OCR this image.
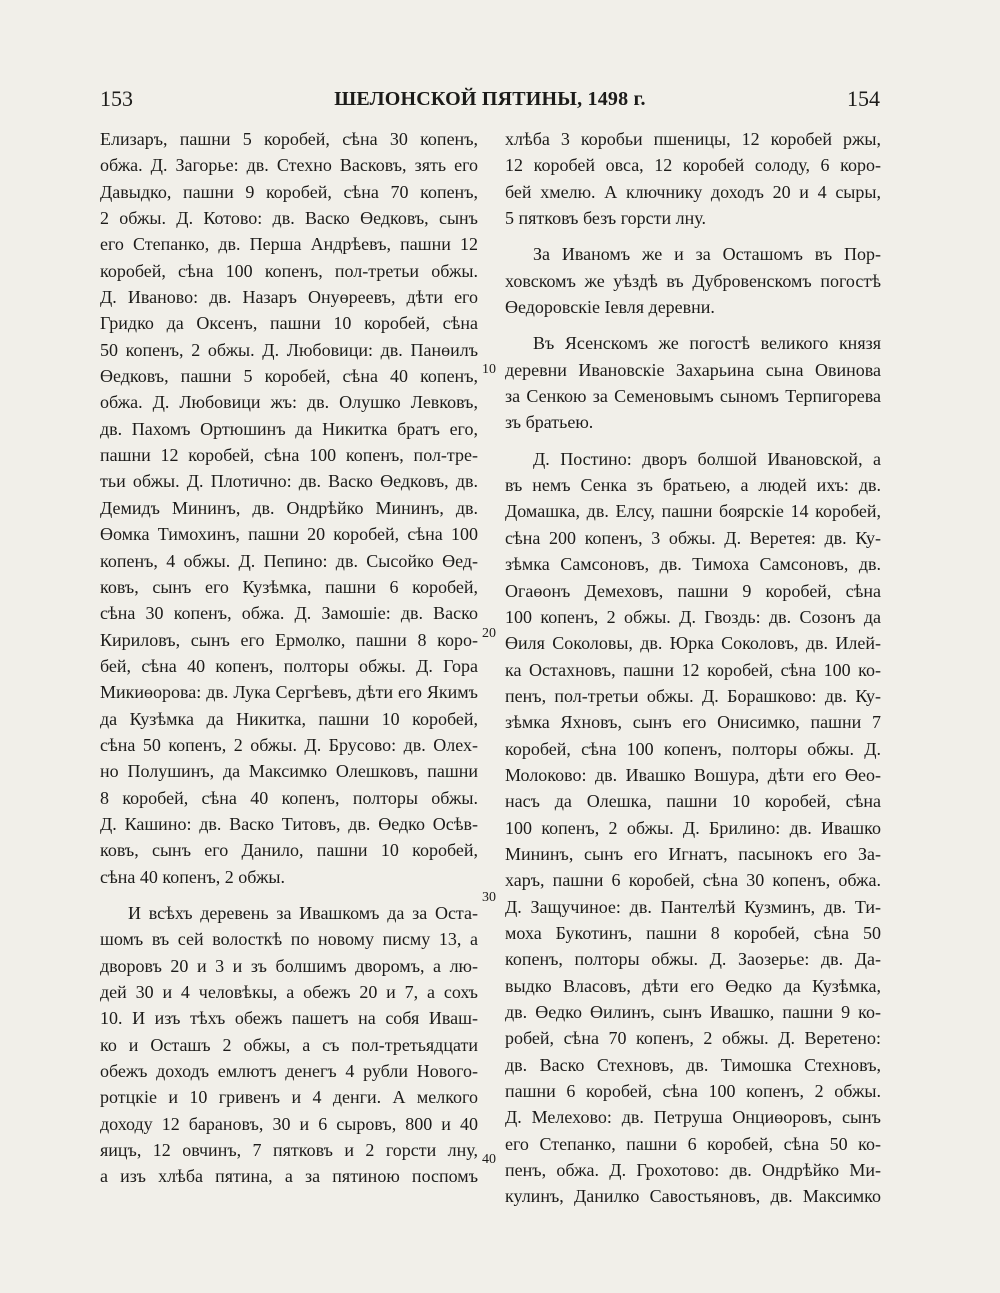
153	ШЕЛОНСКОЙ ПЯТИНЫ, 1498 г.	154
Елизаръ, пашни 5 коробей, сѣна 30 копенъ,
обжа. Д. Загорье: дв. Стехно Васковъ, зять его
Давыдко, пашни 9 коробей, сѣна 70 копенъ,
2 обжы. Д. Котово: дв. Васко Өедковъ, сынъ
его Степанко, дв. Перша Андрѣевъ, пашни 12
коробей, сѣна 100 копенъ, пол-третьи обжы.
Д. Иваново: дв. Назаръ Онуөреевъ, дѣти его
Гридко да Оксенъ, пашни 10 коробей, сѣна
50 копенъ, 2 обжы. Д. Любовици: дв. Панөилъ
Өедковъ, пашни 5 коробей, сѣна 40 копенъ,
обжа. Д. Любовици жъ: дв. Олушко Левковъ,
дв. Пахомъ Ортюшинъ да Никитка братъ его,
пашни 12 коробей, сѣна 100 копенъ, пол-тре-
тьи обжы. Д. Плотично: дв. Васко Өедковъ, дв.
Демидъ Мининъ, дв. Ондрѣйко Мининъ, дв.
Өомка Тимохинъ, пашни 20 коробей, сѣна 100
копенъ, 4 обжы. Д. Пепино: дв. Сысойко Өед-
ковъ, сынъ его Кузѣмка, пашни 6 коробей,
сѣна 30 копенъ, обжа. Д. Замошіе: дв. Васко
Кириловъ, сынъ его Ермолко, пашни 8 коро-
бей, сѣна 40 копенъ, полторы обжы. Д. Гора
Микиөорова: дв. Лука Сергѣевъ, дѣти его Якимъ
да Кузѣмка да Никитка, пашни 10 коробей,
сѣна 50 копенъ, 2 обжы. Д. Брусово: дв. Олех-
но Полушинъ, да Максимко Олешковъ, пашни
8 коробей, сѣна 40 копенъ, полторы обжы.
Д. Кашино: дв. Васко Титовъ, дв. Өедко Осѣв-
ковъ, сынъ его Данило, пашни 10 коробей,
сѣна 40 копенъ, 2 обжы.
И всѣхъ деревень за Ивашкомъ да за Оста-
шомъ въ сей волосткѣ по новому писму 13, а
дворовъ 20 и 3 и зъ болшимъ дворомъ, а лю-
дей 30 и 4 человѣкы, а обежъ 20 и 7, а сохъ
10. И изъ тѣхъ обежъ пашетъ на собя Иваш-
ко и Осташъ 2 обжы, а съ пол-третьядцати
обежъ доходъ емлютъ денегъ 4 рубли Нового-
ротцкіе и 10 гривенъ и 4 денги. А мелкого
доходу 12 барановъ, 30 и 6 сыровъ, 800 и 40
яицъ, 12 овчинъ, 7 пятковъ и 2 горсти лну,
а изъ хлѣба пятина, а за пятиною поспомъ
хлѣба 3 коробьи пшеницы, 12 коробей ржы,
12 коробей овса, 12 коробей солоду, 6 коро-
бей хмелю. А ключнику доходъ 20 и 4 сыры,
5 пятковъ безъ горсти лну.
За Иваномъ же и за Осташомъ въ Пор-
ховскомъ же уѣздѣ въ Дубровенскомъ погостѣ
Өедоровскіе Іевля деревни.
Въ Ясенскомъ же погостѣ великого князя
деревни Ивановскіе Захарьина сына Овинова
за Сенкою за Семеновымъ сыномъ Терпигорева
зъ братьею.
Д. Постино: дворъ болшой Ивановской, а
въ немъ Сенка зъ братьею, а людей ихъ: дв.
Домашка, дв. Елсу, пашни боярскіе 14 коробей,
сѣна 200 копенъ, 3 обжы. Д. Веретея: дв. Ку-
зѣмка Самсоновъ, дв. Тимоха Самсоновъ, дв.
Огаөонъ Демеховъ, пашни 9 коробей, сѣна
100 копенъ, 2 обжы. Д. Гвоздь: дв. Созонъ да
Өиля Соколовы, дв. Юрка Соколовъ, дв. Илей-
ка Остахновъ, пашни 12 коробей, сѣна 100 ко-
пенъ, пол-третьи обжы. Д. Борашково: дв. Ку-
зѣмка Яхновъ, сынъ его Онисимко, пашни 7
коробей, сѣна 100 копенъ, полторы обжы. Д.
Молоково: дв. Ивашко Вошура, дѣти его Өео-
насъ да Олешка, пашни 10 коробей, сѣна
100 копенъ, 2 обжы. Д. Брилино: дв. Ивашко
Мининъ, сынъ его Игнатъ, пасынокъ его За-
харъ, пашни 6 коробей, сѣна 30 копенъ, обжа.
Д. Защучиное: дв. Пантелѣй Кузминъ, дв. Ти-
моха Букотинъ, пашни 8 коробей, сѣна 50
копенъ, полторы обжы. Д. Заозерье: дв. Да-
выдко Власовъ, дѣти его Өедко да Кузѣмка,
дв. Өедко Өилинъ, сынъ Ивашко, пашни 9 ко-
робей, сѣна 70 копенъ, 2 обжы. Д. Веретено:
дв. Васко Стехновъ, дв. Тимошка Стехновъ,
пашни 6 коробей, сѣна 100 копенъ, 2 обжы.
Д. Мелехово: дв. Петруша Онциөоровъ, сынъ
его Степанко, пашни 6 коробей, сѣна 50 ко-
пенъ, обжа. Д. Грохотово: дв. Ондрѣйко Ми-
кулинъ, Данилко Савостьяновъ, дв. Максимко
10
20
30
40
